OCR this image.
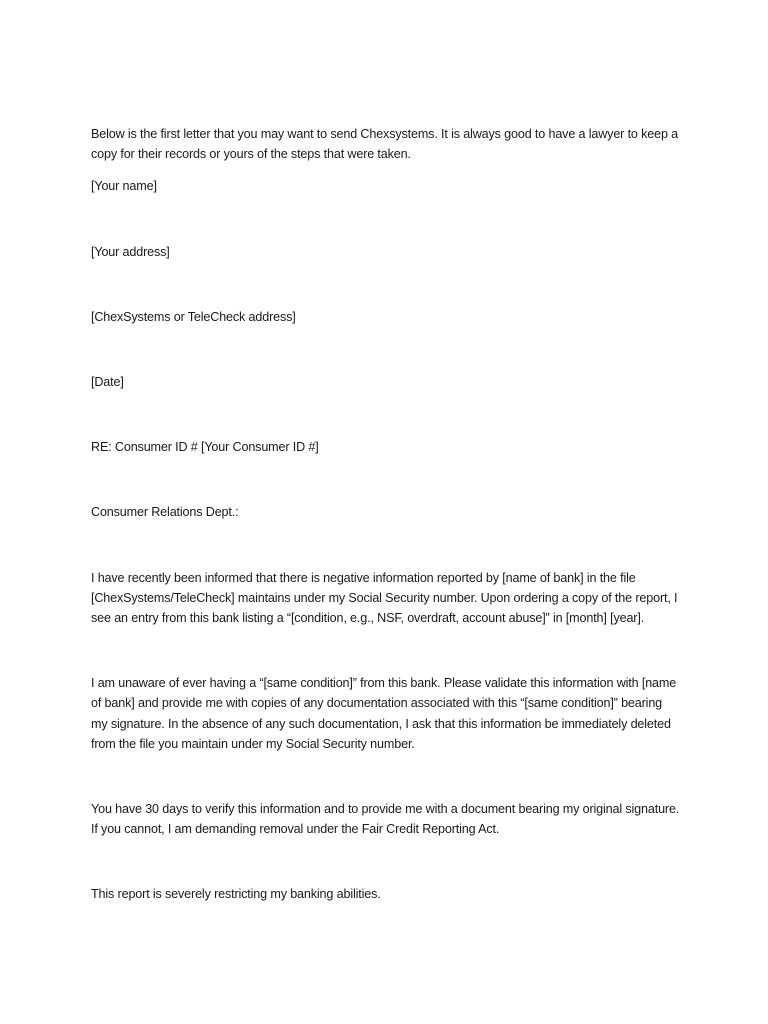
Below is the first letter that you may want to send Chexsystems. It is always good to have a lawyer to keep a copy for their records or yours of the steps that were taken.

[Your name]

[Your address]

[ChexSystems or TeleCheck address]

[Date]

RE: Consumer ID # [Your Consumer ID #]

Consumer Relations Dept.:

I have recently been informed that there is negative information reported by [name of bank] in the file [ChexSystems/TeleCheck] maintains under my Social Security number. Upon ordering a copy of the report, I see an entry from this bank listing a “[condition, e.g., NSF, overdraft, account abuse]” in [month] [year].

I am unaware of ever having a “[same condition]” from this bank. Please validate this information with [name of bank] and provide me with copies of any documentation associated with this “[same condition]” bearing my signature. In the absence of any such documentation, I ask that this information be immediately deleted from the file you maintain under my Social Security number.

You have 30 days to verify this information and to provide me with a document bearing my original signature. If you cannot, I am demanding removal under the Fair Credit Reporting Act.

This report is severely restricting my banking abilities.
